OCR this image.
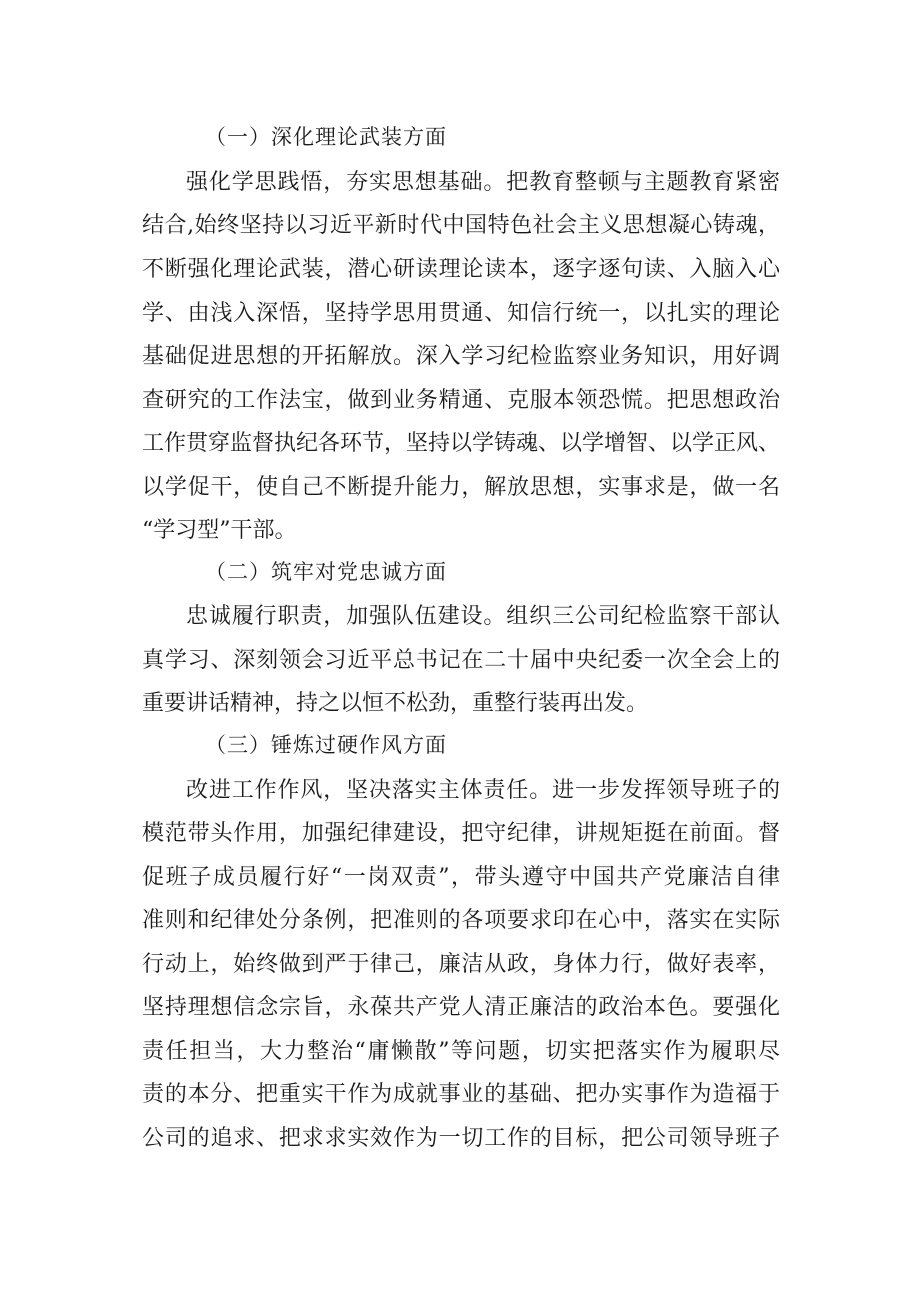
（一）深化理论武装方面
强化学思践悟，夯实思想基础。把教育整顿与主题教育紧密
结合,始终坚持以习近平新时代中国特色社会主义思想凝心铸魂，
不断强化理论武装，潜心研读理论读本，逐字逐句读、入脑入心
学、由浅入深悟，坚持学思用贯通、知信行统一，以扎实的理论
基础促进思想的开拓解放。深入学习纪检监察业务知识，用好调
查研究的工作法宝，做到业务精通、克服本领恐慌。把思想政治
工作贯穿监督执纪各环节，坚持以学铸魂、以学增智、以学正风、
以学促干，使自己不断提升能力，解放思想，实事求是，做一名
“学习型”干部。
（二）筑牢对党忠诚方面
忠诚履行职责，加强队伍建设。组织三公司纪检监察干部认
真学习、深刻领会习近平总书记在二十届中央纪委一次全会上的
重要讲话精神，持之以恒不松劲，重整行装再出发。
（三）锤炼过硬作风方面
改进工作作风，坚决落实主体责任。进一步发挥领导班子的
模范带头作用，加强纪律建设，把守纪律，讲规矩挺在前面。督
促班子成员履行好“一岗双责”，带头遵守中国共产党廉洁自律
准则和纪律处分条例，把准则的各项要求印在心中，落实在实际
行动上，始终做到严于律己，廉洁从政，身体力行，做好表率，
坚持理想信念宗旨，永葆共产党人清正廉洁的政治本色。要强化
责任担当，大力整治“庸懒散”等问题，切实把落实作为履职尽
责的本分、把重实干作为成就事业的基础、把办实事作为造福于
公司的追求、把求求实效作为一切工作的目标，把公司领导班子
